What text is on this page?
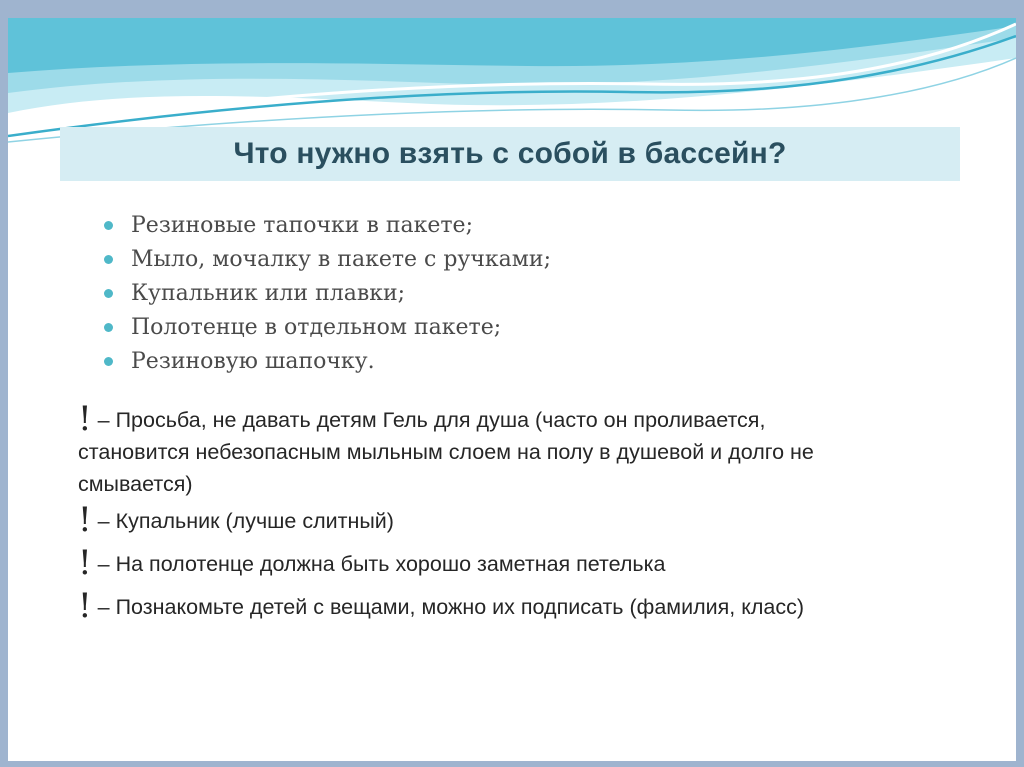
Что нужно взять с собой в бассейн?
Резиновые тапочки в пакете;
Мыло, мочалку в пакете с ручками;
Купальник или плавки;
Полотенце в отдельном пакете;
Резиновую шапочку.
! – Просьба, не давать детям Гель для душа (часто он проливается,
становится небезопасным мыльным слоем на полу в душевой и долго не
смывается)
! – Купальник (лучше слитный)
! – На полотенце должна быть хорошо заметная петелька
! – Познакомьте детей с вещами, можно их подписать (фамилия, класс)
